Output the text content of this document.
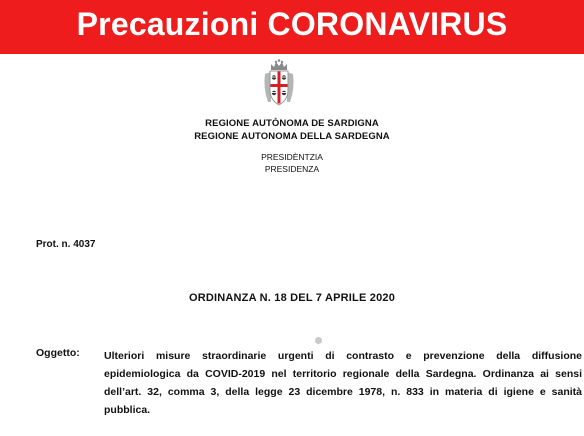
Precauzioni CORONAVIRUS
REGIONE AUTÒNOMA DE SARDIGNA
REGIONE AUTONOMA DELLA SARDEGNA
PRESIDÈNTZIA
PRESIDENZA
Prot. n. 4037
ORDINANZA N. 18 DEL 7 APRILE 2020
Oggetto: Ulteriori misure straordinarie urgenti di contrasto e prevenzione della diffusione epidemiologica da COVID-2019 nel territorio regionale della Sardegna. Ordinanza ai sensi dell’art. 32, comma 3, della legge 23 dicembre 1978, n. 833 in materia di igiene e sanità pubblica.
